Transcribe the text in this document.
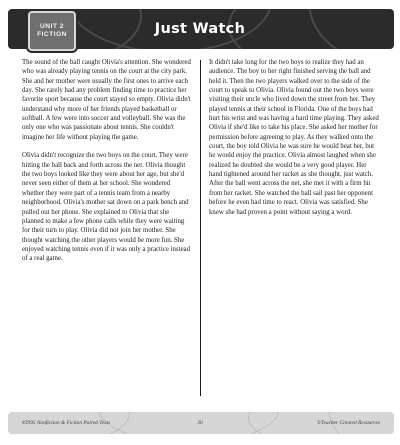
UNIT 2
FICTION	Just Watch

The sound of the ball caught Olivia's attention. She wondered who was already playing tennis on the court at the city park. She and her mother were usually the first ones to arrive each day. She rarely had any problem finding time to practice her favorite sport because the court stayed so empty. Olivia didn't understand why more of her friends played basketball or softball. A few were into soccer and volleyball. She was the only one who was passionate about tennis. She couldn't imagine her life without playing the game.

Olivia didn't recognize the two boys on the court. They were hitting the ball back and forth across the net. Olivia thought the two boys looked like they were about her age, but she'd never seen either of them at her school. She wondered whether they were part of a tennis team from a nearby neighborhood. Olivia's mother sat down on a park bench and pulled out her phone. She explained to Olivia that she planned to make a few phone calls while they were waiting for their turn to play. Olivia did not join her mother. She thought watching the other players would be more fun. She enjoyed watching tennis even if it was only a practice instead of a real game.

It didn't take long for the two boys to realize they had an audience. The boy to her right finished serving the ball and held it. Then the two players walked over to the side of the court to speak to Olivia. Olivia found out the two boys were visiting their uncle who lived down the street from her. They played tennis at their school in Florida. One of the boys had hurt his wrist and was having a hard time playing. They asked Olivia if she'd like to take his place. She asked her mother for permission before agreeing to play. As they walked onto the court, the boy told Olivia he was sure he would beat her, but he would enjoy the practice. Olivia almost laughed when she realized he doubted she would be a very good player. Her hand tightened around her racket as she thought, just watch. After the ball went across the net, she met it with a firm hit from her racket. She watched the ball sail past her opponent before he even had time to react. Olivia was satisfied. She knew she had proven a point without saying a word.

#3995 Nonfiction & Fiction Paired Texts	30	©Teacher Created Resources
